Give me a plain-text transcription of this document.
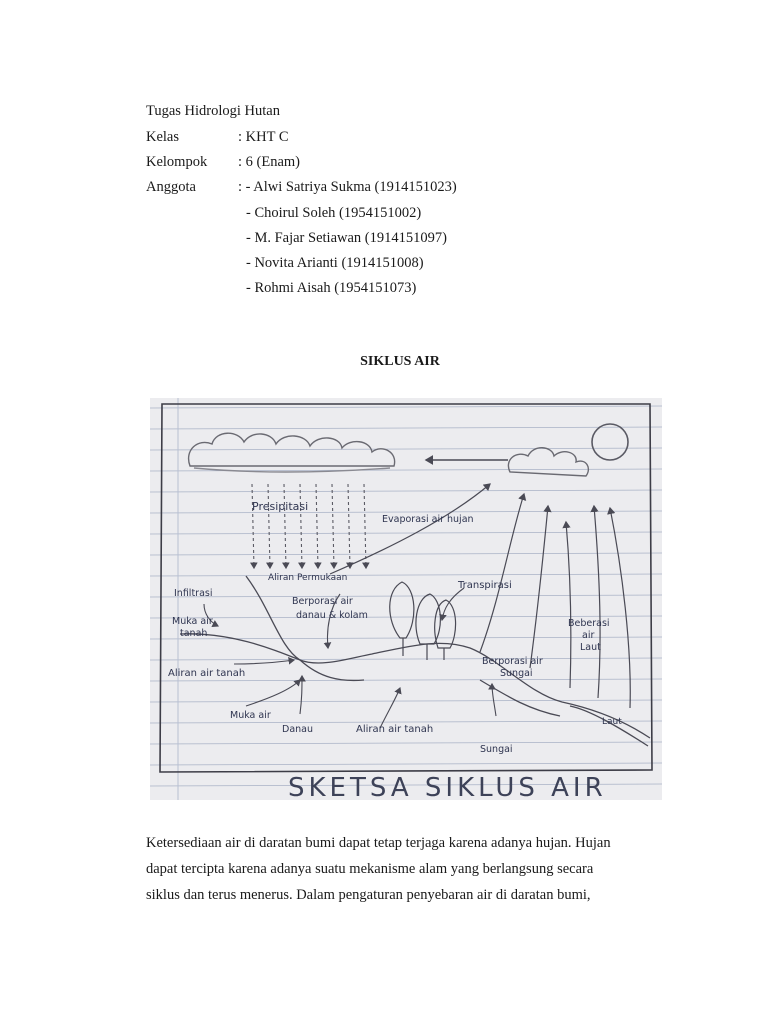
Tugas Hidrologi Hutan
Kelas	: KHT C
Kelompok	: 6 (Enam)
Anggota	: - Alwi Satriya Sukma (1914151023)
- Choirul Soleh (1954151002)
- M. Fajar Setiawan (1914151097)
- Novita Arianti (1914151008)
- Rohmi Aisah (1954151073)
SIKLUS AIR
Presipitasi
Evaporasi air hujan
Aliran Permukaan
Infiltrasi
Muka air
tanah
Berporasi air
danau & kolam
Transpirasi
Aliran air tanah
Muka air
Danau	Aliran air tanah
Berporasi air
Sungai
Sungai
Beberasi
air
Laut
Laut
SKETSA SIKLUS AIR
Ketersediaan air di daratan bumi dapat tetap terjaga karena adanya hujan. Hujan
dapat tercipta karena adanya suatu mekanisme alam yang berlangsung secara
siklus dan terus menerus. Dalam pengaturan penyebaran air di daratan bumi,
